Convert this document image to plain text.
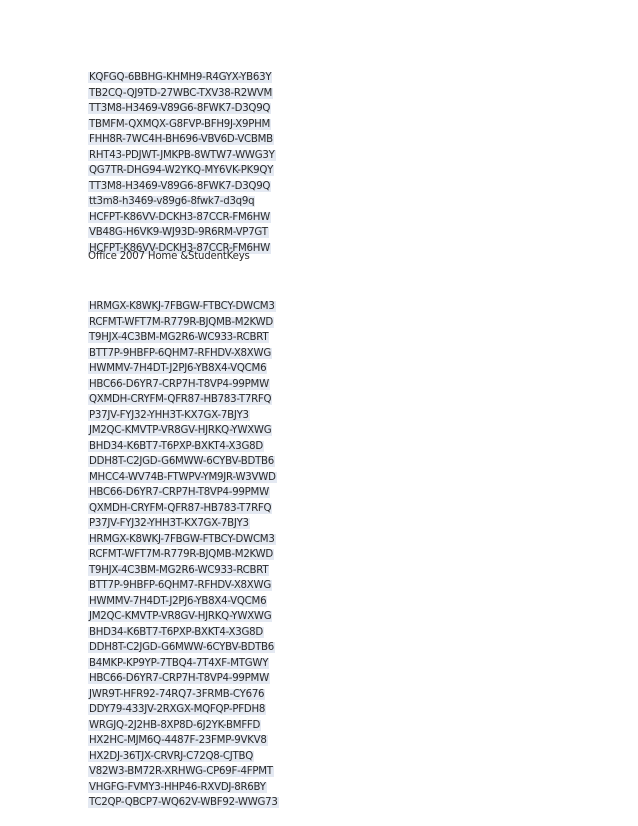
KQFGQ-6BBHG-KHMH9-R4GYX-YB63Y
TB2CQ-QJ9TD-27WBC-TXV38-R2WVM
TT3M8-H3469-V89G6-8FWK7-D3Q9Q
TBMFM-QXMQX-G8FVP-BFH9J-X9PHM
FHH8R-7WC4H-BH696-VBV6D-VCBMB
RHT43-PDJWT-JMKPB-8WTW7-WWG3Y
QG7TR-DHG94-W2YKQ-MY6VK-PK9QY
TT3M8-H3469-V89G6-8FWK7-D3Q9Q
tt3m8-h3469-v89g6-8fwk7-d3q9q
HCFPT-K86VV-DCKH3-87CCR-FM6HW
VB48G-H6VK9-WJ93D-9R6RM-VP7GT
HCFPT-K86VV-DCKH3-87CCR-FM6HW
Office 2007 Home &StudentKeys
HRMGX-K8WKJ-7FBGW-FTBCY-DWCM3
RCFMT-WFT7M-R779R-BJQMB-M2KWD
T9HJX-4C3BM-MG2R6-WC933-RCBRT
BTT7P-9HBFP-6QHM7-RFHDV-X8XWG
HWMMV-7H4DT-J2PJ6-YB8X4-VQCM6
HBC66-D6YR7-CRP7H-T8VP4-99PMW
QXMDH-CRYFM-QFR87-HB783-T7RFQ
P37JV-FYJ32-YHH3T-KX7GX-7BJY3
JM2QC-KMVTP-VR8GV-HJRKQ-YWXWG
BHD34-K6BT7-T6PXP-BXKT4-X3G8D
DDH8T-C2JGD-G6MWW-6CYBV-BDTB6
MHCC4-WV74B-FTWPV-YM9JR-W3VWD
HBC66-D6YR7-CRP7H-T8VP4-99PMW
QXMDH-CRYFM-QFR87-HB783-T7RFQ
P37JV-FYJ32-YHH3T-KX7GX-7BJY3
HRMGX-K8WKJ-7FBGW-FTBCY-DWCM3
RCFMT-WFT7M-R779R-BJQMB-M2KWD
T9HJX-4C3BM-MG2R6-WC933-RCBRT
BTT7P-9HBFP-6QHM7-RFHDV-X8XWG
HWMMV-7H4DT-J2PJ6-YB8X4-VQCM6
JM2QC-KMVTP-VR8GV-HJRKQ-YWXWG
BHD34-K6BT7-T6PXP-BXKT4-X3G8D
DDH8T-C2JGD-G6MWW-6CYBV-BDTB6
B4MKP-KP9YP-7TBQ4-7T4XF-MTGWY
HBC66-D6YR7-CRP7H-T8VP4-99PMW
JWR9T-HFR92-74RQ7-3FRMB-CY676
DDY79-433JV-2RXGX-MQFQP-PFDH8
WRGJQ-2J2HB-8XP8D-6J2YK-BMFFD
HX2HC-MJM6Q-4487F-23FMP-9VKV8
HX2DJ-36TJX-CRVRJ-C72Q8-CJTBQ
V82W3-BM72R-XRHWG-CP69F-4FPMT
VHGFG-FVMY3-HHP46-RXVDJ-8R6BY
TC2QP-QBCP7-WQ62V-WBF92-WWG73
